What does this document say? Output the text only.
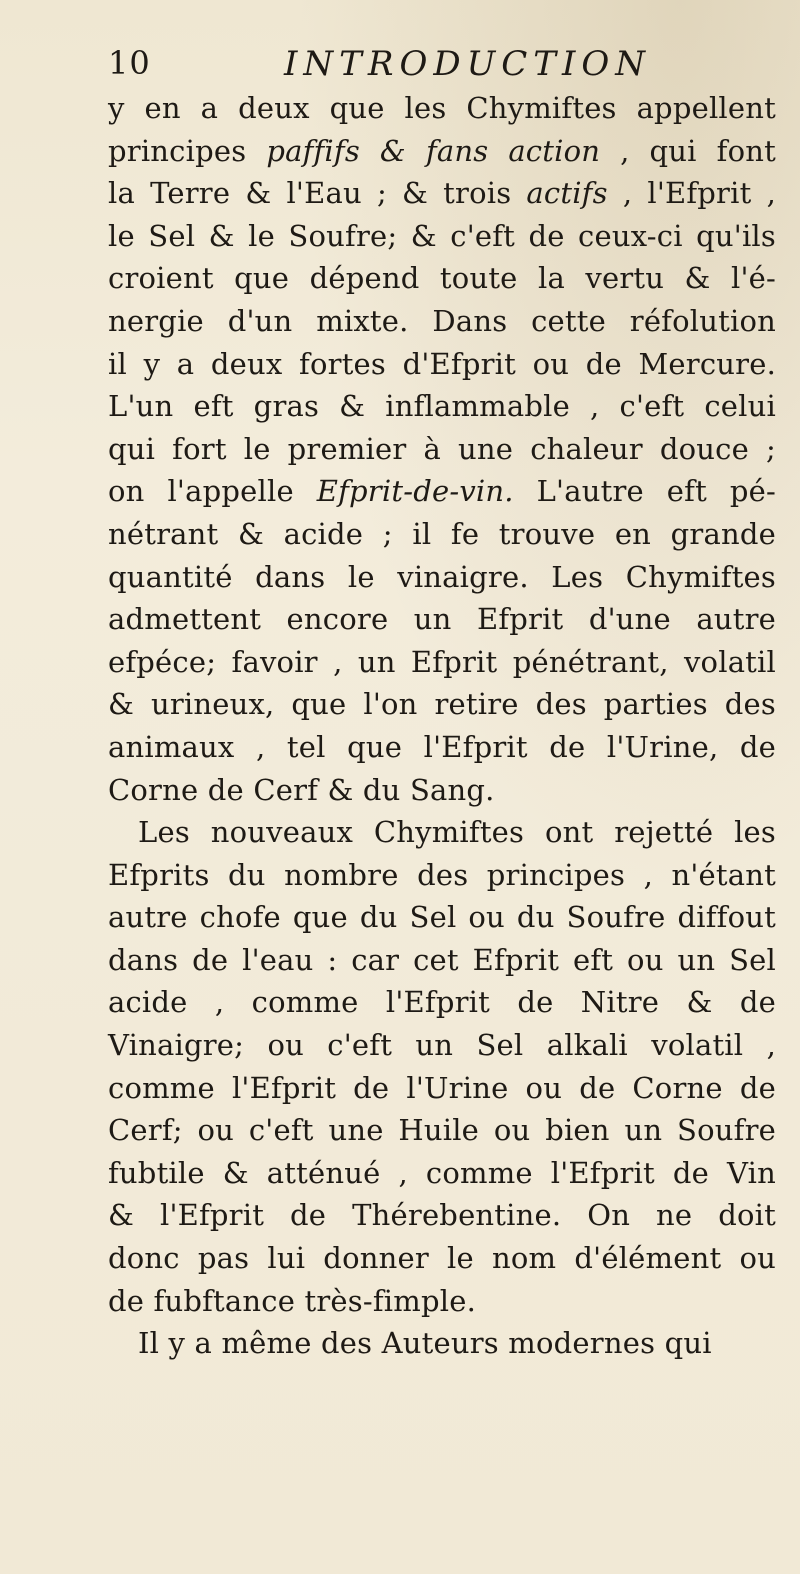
10	INTRODUCTION
y en a deux que les Chymiftes appellent
principes paffifs & fans action , qui font
la Terre & l'Eau ; & trois actifs , l'Efprit ,
le Sel & le Soufre; & c'eft de ceux-ci qu'ils
croient que dépend toute la vertu & l'é-
nergie d'un mixte. Dans cette réfolution
il y a deux fortes d'Efprit ou de Mercure.
L'un eft gras & inflammable , c'eft celui
qui fort le premier à une chaleur douce ;
on l'appelle Efprit-de-vin. L'autre eft pé-
nétrant & acide ; il fe trouve en grande
quantité dans le vinaigre. Les Chymiftes
admettent encore un Efprit d'une autre
efpéce; favoir , un Efprit pénétrant, volatil
& urineux, que l'on retire des parties des
animaux , tel que l'Efprit de l'Urine, de
Corne de Cerf & du Sang.
Les nouveaux Chymiftes ont rejetté les
Efprits du nombre des principes , n'étant
autre chofe que du Sel ou du Soufre diffout
dans de l'eau : car cet Efprit eft ou un Sel
acide , comme l'Efprit de Nitre & de
Vinaigre; ou c'eft un Sel alkali volatil ,
comme l'Efprit de l'Urine ou de Corne de
Cerf; ou c'eft une Huile ou bien un Soufre
fubtile & atténué , comme l'Efprit de Vin
& l'Efprit de Thérebentine. On ne doit
donc pas lui donner le nom d'élément ou
de fubftance très-fimple.
Il y a même des Auteurs modernes qui
